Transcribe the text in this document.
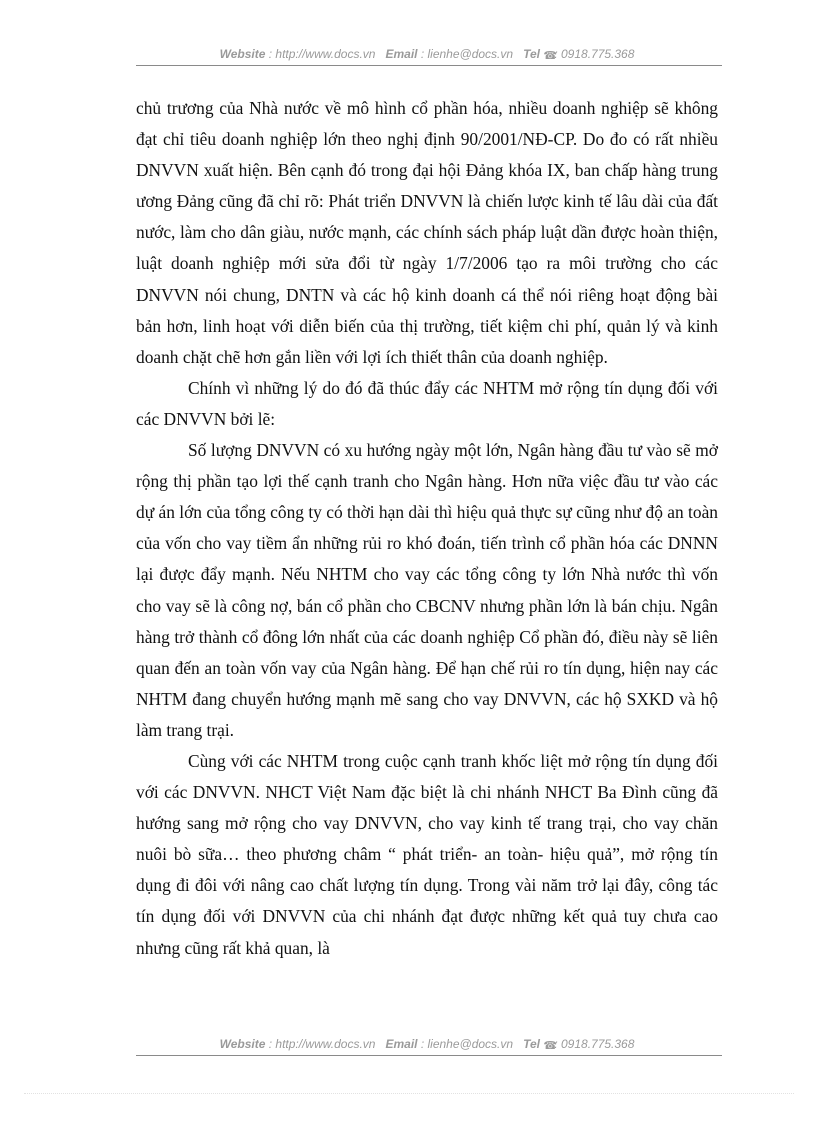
Website : http://www.docs.vn Email : lienhe@docs.vn Tel ☎: 0918.775.368

chủ trương của Nhà nước về mô hình cổ phần hóa, nhiều doanh nghiệp sẽ không đạt chỉ tiêu doanh nghiệp lớn theo nghị định 90/2001/NĐ-CP. Do đo có rất nhiều DNVVN xuất hiện. Bên cạnh đó trong đại hội Đảng khóa IX, ban chấp hàng trung ương Đảng cũng đã chỉ rõ: Phát triển DNVVN là chiến lược kinh tế lâu dài của đất nước, làm cho dân giàu, nước mạnh, các chính sách pháp luật dần được hoàn thiện, luật doanh nghiệp mới sửa đổi từ ngày 1/7/2006 tạo ra môi trường cho các DNVVN nói chung, DNTN và các hộ kinh doanh cá thể nói riêng hoạt động bài bản hơn, linh hoạt với diễn biến của thị trường, tiết kiệm chi phí, quản lý và kinh doanh chặt chẽ hơn gắn liền với lợi ích thiết thân của doanh nghiệp.

Chính vì những lý do đó đã thúc đẩy các NHTM mở rộng tín dụng đối với các DNVVN bởi lẽ:

Số lượng DNVVN có xu hướng ngày một lớn, Ngân hàng đầu tư vào sẽ mở rộng thị phần tạo lợi thế cạnh tranh cho Ngân hàng. Hơn nữa việc đầu tư vào các dự án lớn của tổng công ty có thời hạn dài thì hiệu quả thực sự cũng như độ an toàn của vốn cho vay tiềm ẩn những rủi ro khó đoán, tiến trình cổ phần hóa các DNNN lại được đẩy mạnh. Nếu NHTM cho vay các tổng công ty lớn Nhà nước thì vốn cho vay sẽ là công nợ, bán cổ phần cho CBCNV nhưng phần lớn là bán chịu. Ngân hàng trở thành cổ đông lớn nhất của các doanh nghiệp Cổ phần đó, điều này sẽ liên quan đến an toàn vốn vay của Ngân hàng. Để hạn chế rủi ro tín dụng, hiện nay các NHTM đang chuyển hướng mạnh mẽ sang cho vay DNVVN, các hộ SXKD và hộ làm trang trại.

Cùng với các NHTM trong cuộc cạnh tranh khốc liệt mở rộng tín dụng đối với các DNVVN. NHCT Việt Nam đặc biệt là chi nhánh NHCT Ba Đình cũng đã hướng sang mở rộng cho vay DNVVN, cho vay kinh tế trang trại, cho vay chăn nuôi bò sữa… theo phương châm “ phát triển- an toàn- hiệu quả”, mở rộng tín dụng đi đôi với nâng cao chất lượng tín dụng. Trong vài năm trở lại đây, công tác tín dụng đối với DNVVN của chi nhánh đạt được những kết quả tuy chưa cao nhưng cũng rất khả quan, là

Website : http://www.docs.vn Email : lienhe@docs.vn Tel ☎: 0918.775.368
